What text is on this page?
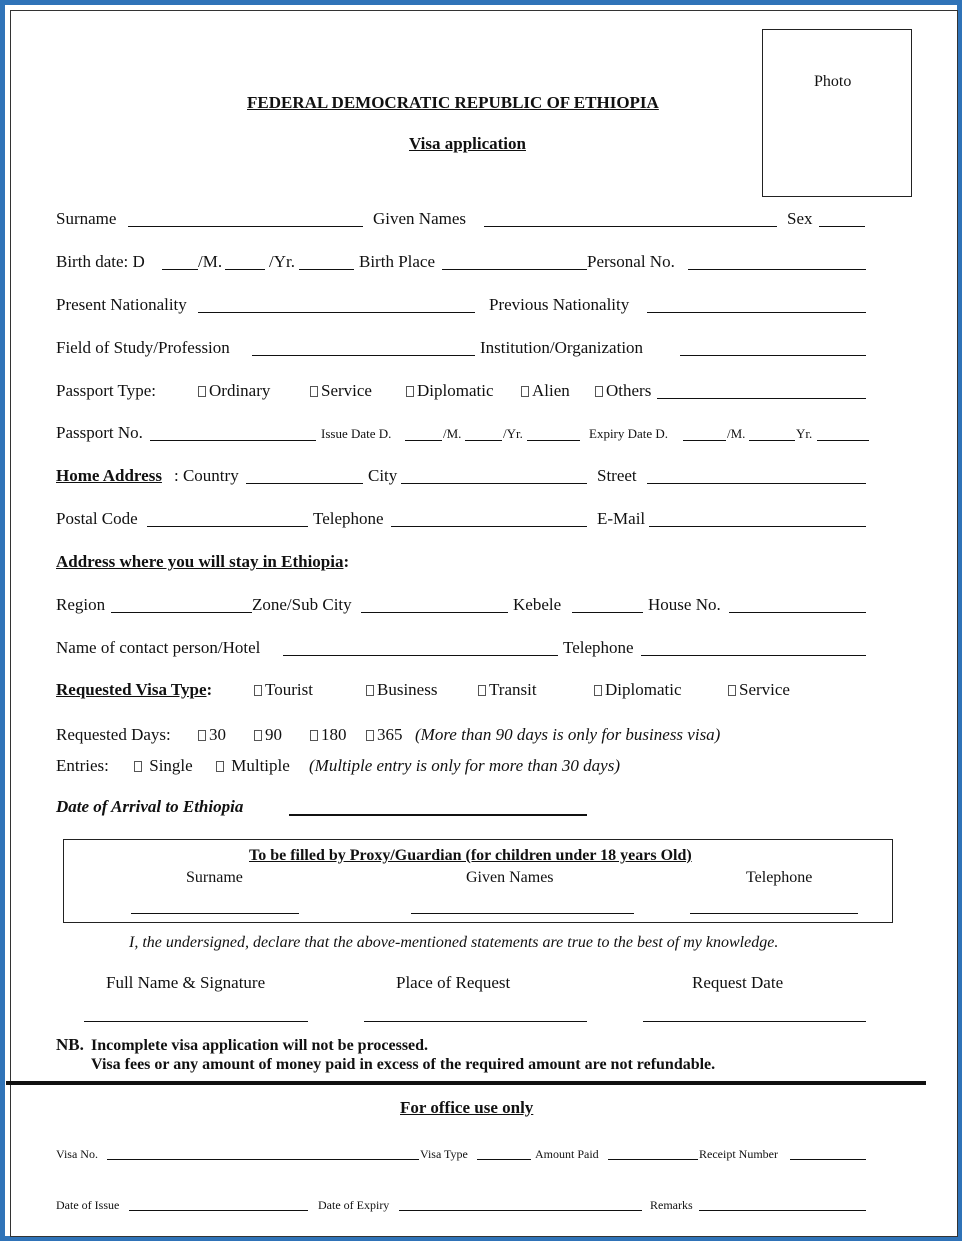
Photo
FEDERAL DEMOCRATIC REPUBLIC OF ETHIOPIA
Visa application
Surname	Given Names	Sex
Birth date: D	/M.	/Yr.	Birth Place	Personal No.
Present Nationality	Previous Nationality
Field of Study/Profession	Institution/Organization
Passport Type:	Ordinary	Service	Diplomatic	Alien	Others
Passport No.	Issue Date D.	/M.	/Yr.	Expiry Date D.	/M.	Yr.
Home Address : Country	City	Street
Postal Code	Telephone	E-Mail
Address where you will stay in Ethiopia:
Region	Zone/Sub City	Kebele	House No.
Name of contact person/Hotel	Telephone
Requested Visa Type:	Tourist	Business	Transit	Diplomatic	Service
Requested Days:	30	90	180	365 (More than 90 days is only for business visa)
Entries:	Single	Multiple (Multiple entry is only for more than 30 days)
Date of Arrival to Ethiopia
To be filled by Proxy/Guardian (for children under 18 years Old)
Surname	Given Names	Telephone
I, the undersigned, declare that the above-mentioned statements are true to the best of my knowledge.
Full Name & Signature	Place of Request	Request Date
NB. Incomplete visa application will not be processed.
Visa fees or any amount of money paid in excess of the required amount are not refundable.
For office use only
Visa No.	Visa Type	Amount Paid	Receipt Number
Date of Issue	Date of Expiry	Remarks
